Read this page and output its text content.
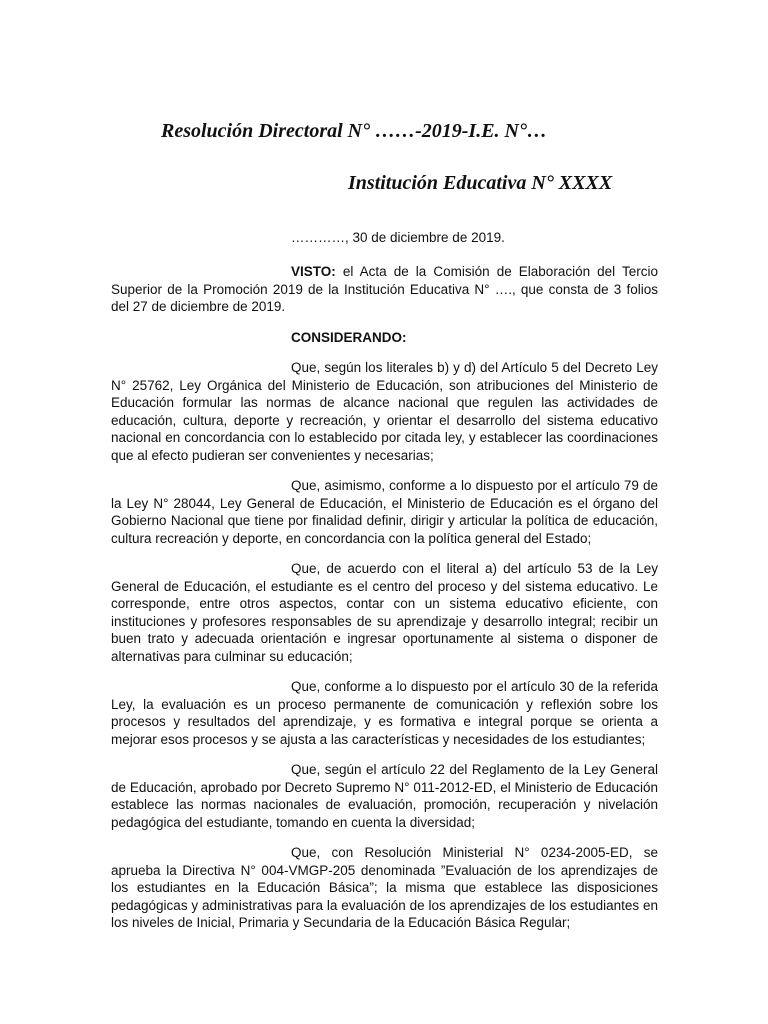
Resolución Directoral N° ……-2019-I.E. N°…
Institución Educativa N° XXXX
…………, 30 de diciembre de 2019.

VISTO: el Acta de la Comisión de Elaboración del Tercio Superior de la Promoción 2019 de la Institución Educativa N° …., que consta de 3 folios del 27 de diciembre de 2019.

CONSIDERANDO:

Que, según los literales b) y d) del Artículo 5 del Decreto Ley N° 25762, Ley Orgánica del Ministerio de Educación, son atribuciones del Ministerio de Educación formular las normas de alcance nacional que regulen las actividades de educación, cultura, deporte y recreación, y orientar el desarrollo del sistema educativo nacional en concordancia con lo establecido por citada ley, y establecer las coordinaciones que al efecto pudieran ser convenientes y necesarias;

Que, asimismo, conforme a lo dispuesto por el artículo 79 de la Ley N° 28044, Ley General de Educación, el Ministerio de Educación es el órgano del Gobierno Nacional que tiene por finalidad definir, dirigir y articular la política de educación, cultura recreación y deporte, en concordancia con la política general del Estado;

Que, de acuerdo con el literal a) del artículo 53 de la Ley General de Educación, el estudiante es el centro del proceso y del sistema educativo. Le corresponde, entre otros aspectos, contar con un sistema educativo eficiente, con instituciones y profesores responsables de su aprendizaje y desarrollo integral; recibir un buen trato y adecuada orientación e ingresar oportunamente al sistema o disponer de alternativas para culminar su educación;

Que, conforme a lo dispuesto por el artículo 30 de la referida Ley, la evaluación es un proceso permanente de comunicación y reflexión sobre los procesos y resultados del aprendizaje, y es formativa e integral porque se orienta a mejorar esos procesos y se ajusta a las características y necesidades de los estudiantes;

Que, según el artículo 22 del Reglamento de la Ley General de Educación, aprobado por Decreto Supremo N° 011-2012-ED, el Ministerio de Educación establece las normas nacionales de evaluación, promoción, recuperación y nivelación pedagógica del estudiante, tomando en cuenta la diversidad;

Que, con Resolución Ministerial N° 0234-2005-ED, se aprueba la Directiva N° 004-VMGP-205 denominada ”Evaluación de los aprendizajes de los estudiantes en la Educación Básica”; la misma que establece las disposiciones pedagógicas y administrativas para la evaluación de los aprendizajes de los estudiantes en los niveles de Inicial, Primaria y Secundaria de la Educación Básica Regular;
